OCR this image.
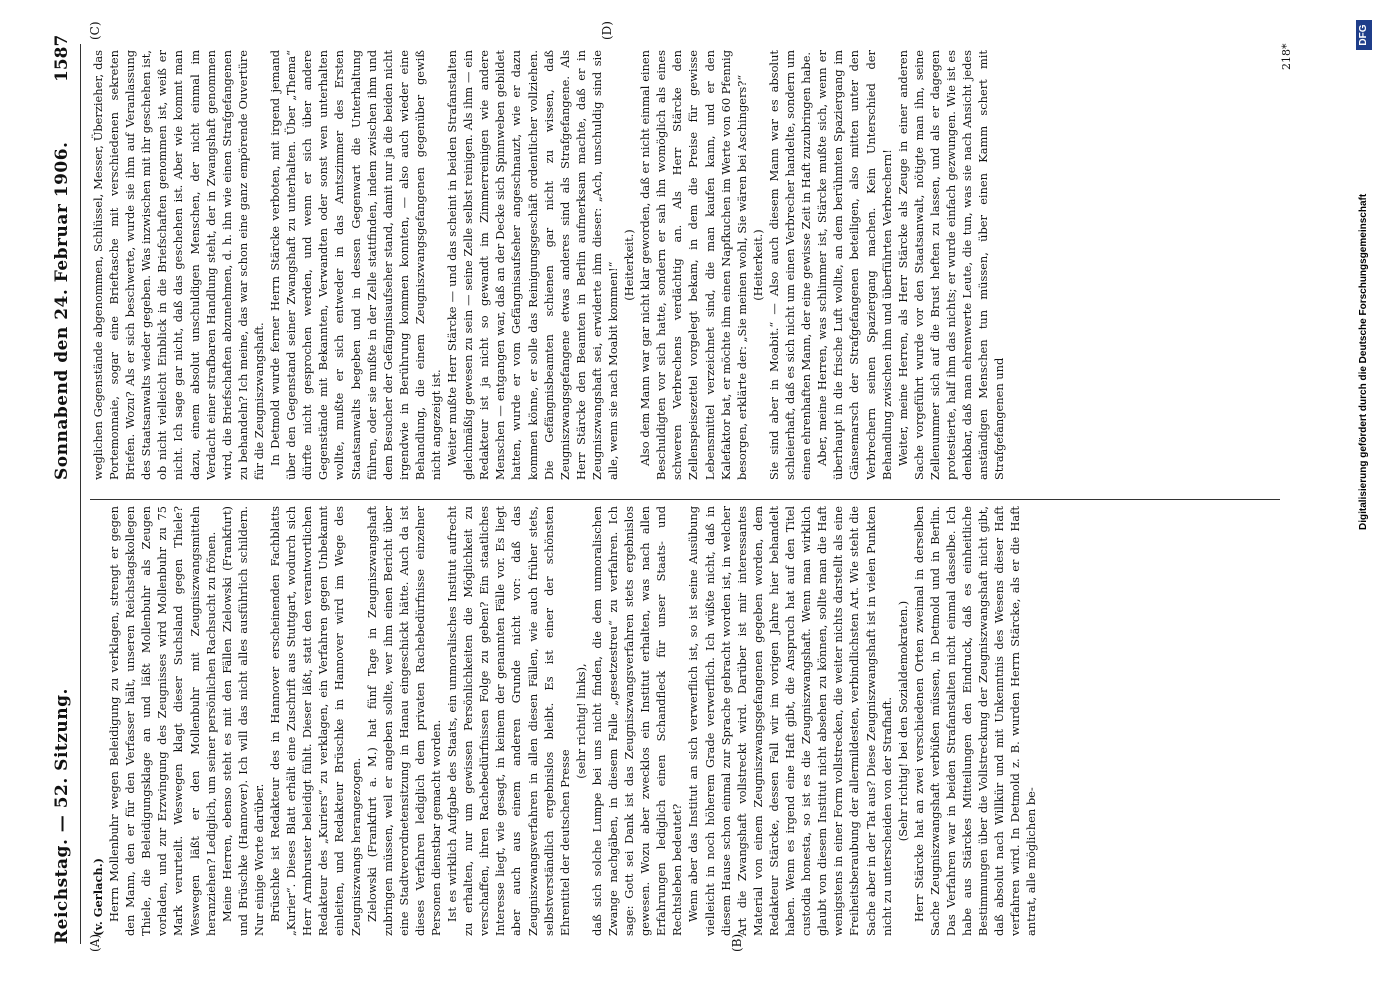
Reichstag. — 52. Sitzung.
Sonnabend den 24. Februar 1906.
1587
(A)	(B)
(C)	(D)

(v. Gerlach.) Herrn Mollenbuhr wegen Beleidigung zu verklagen, strengt er gegen den Mann, den er für den Verfasser hält, unseren Reichstagskollegen Thiele, die Beleidigungsklage an und läßt Mollenbuhr als Zeugen vorladen, und zur Erzwingung des Zeugnisses wird Mollenbuhr zu 75 Mark verurteilt. Weswegen klagt dieser Suchsland gegen Thiele? Weswegen läßt er den Mollenbuhr mit Zeugniszwangsmitteln heranziehen? Lediglich, um seiner persönlichen Rachsucht zu frönen. Meine Herren, ebenso steht es mit den Fällen Zielowski (Frankfurt) und Brüschke (Hannover). Ich will das nicht alles ausführlich schildern. Nur einige Worte darüber. Brüschke ist Redakteur des in Hannover erscheinenden Fachblatts „Kurier“. Dieses Blatt erhält eine Zuschrift aus Stuttgart, wodurch sich Herr Armbruster beleidigt fühlt. Dieser läßt, statt den verantwortlichen Redakteur des „Kuriers“ zu verklagen, ein Verfahren gegen Unbekannt einleiten, und Redakteur Brüschke in Hannover wird im Wege des Zeugniszwangs herangezogen. Zielowski (Frankfurt a. M.) hat fünf Tage in Zeugniszwangshaft zubringen müssen, weil er angeben sollte, wer ihm einen Bericht über eine Stadtverordnetensitzung in Hanau eingeschickt hätte. Auch da ist dieses Verfahren lediglich dem privaten Rachebedürfnisse einzelner Personen dienstbar gemacht worden. Ist es wirklich Aufgabe des Staats, ein unmoralisches Institut aufrecht zu erhalten, nur um gewissen Persönlichkeiten die Möglichkeit zu verschaffen, ihren Rachebedürfnissen Folge zu geben? Ein staatliches Interesse liegt, wie gesagt, in keinem der genannten Fälle vor. Es liegt aber auch aus einem anderen Grunde nicht vor: daß das Zeugniszwangsverfahren in allen diesen Fällen, wie auch früher stets, selbstverständlich ergebnislos bleibt. Es ist einer der schönsten Ehrentitel der deutschen Presse

(sehr richtig! links), daß sich solche Lumpe bei uns nicht finden, die dem unmoralischen Zwange nachgäben, in diesem Falle „gesetzestreu“ zu verfahren. Ich sage: Gott sei Dank ist das Zeugniszwangsverfahren stets ergebnislos gewesen. Wozu aber zwecklos ein Institut erhalten, was nach allen Erfahrungen lediglich einen Schandfleck für unser Staats- und Rechtsleben bedeutet? Wenn aber das Institut an sich verwerflich ist, so ist seine Ausübung vielleicht in noch höherem Grade verwerflich. Ich wüßte nicht, daß in diesem Hause schon einmal zur Sprache gebracht worden ist, in welcher Art die Zwangshaft vollstreckt wird. Darüber ist mir interessantes Material von einem Zeugniszwangsgefangenen gegeben worden, dem Redakteur Stärcke, dessen Fall wir im vorigen Jahre hier behandelt haben. Wenn es irgend eine Haft gibt, die Anspruch hat auf den Titel custodia honesta, so ist es die Zeugniszwangshaft. Wenn man wirklich glaubt von diesem Institut nicht absehen zu können, sollte man die Haft wenigstens in einer Form vollstrecken, die weiter nichts darstellt als eine Freiheitsberaubung der allermildesten, verbindlichsten Art. Wie steht die Sache aber in der Tat aus? Diese Zeugniszwangshaft ist in vielen Punkten nicht zu unterscheiden von der Strafhaft. (Sehr richtig! bei den Sozialdemokraten.) Herr Stärcke hat an zwei verschiedenen Orten zweimal in derselben Sache Zeugniszwangshaft verbüßen müssen, in Detmold und in Berlin. Das Verfahren war in beiden Strafanstalten nicht einmal dasselbe. Ich habe aus Stärckes Mitteilungen den Eindruck, daß es einheitliche Bestimmungen über die Vollstreckung der Zeugniszwangshaft nicht gibt, daß absolut nach Willkür und mit Unkenntnis des Wesens dieser Haft verfahren wird. In Detmold z. B. wurden Herrn Stärcke, als er die Haft antrat, alle möglichen be-

weglichen Gegenstände abgenommen, Schlüssel, Messer, Überzieher, das Portemonnaie, sogar eine Brieftasche mit verschiedenen sekreten Briefen. Wozu? Als er sich beschwerte, wurde sie ihm auf Veranlassung des Staatsanwalts wieder gegeben. Was inzwischen mit ihr geschehen ist, ob nicht vielleicht Einblick in die Briefschaften genommen ist, weiß er nicht. Ich sage gar nicht, daß das geschehen ist. Aber wie kommt man dazu, einem absolut unschuldigen Menschen, der nicht einmal im Verdacht einer strafbaren Handlung steht, der in Zwangshaft genommen wird, die Briefschaften abzunehmen, d. h. ihn wie einen Strafgefangenen zu behandeln? Ich meine, das war schon eine ganz empörende Ouvertüre für die Zeugniszwangshaft. In Detmold wurde ferner Herrn Stärcke verboten, mit irgend jemand über den Gegenstand seiner Zwangshaft zu unterhalten. Über „Thema“ dürfte nicht gesprochen werden, und wenn er sich über andere Gegenstände mit Bekannten, Verwandten oder sonst wen unterhalten wollte, mußte er sich entweder in das Amtszimmer des Ersten Staatsanwalts begeben und in dessen Gegenwart die Unterhaltung führen, oder sie mußte in der Zelle stattfinden, indem zwischen ihm und dem Besucher der Gefängnisaufseher stand, damit nur ja die beiden nicht irgendwie in Berührung kommen konnten, — also auch wieder eine Behandlung, die einem Zeugniszwangsgefangenen gegenüber gewiß nicht angezeigt ist. Weiter mußte Herr Stärcke — und das scheint in beiden Strafanstalten gleichmäßig gewesen zu sein — seine Zelle selbst reinigen. Als ihm — ein Redakteur ist ja nicht so gewandt im Zimmerreinigen wie andere Menschen — entgangen war, daß an der Decke sich Spinnweben gebildet hatten, wurde er vom Gefängnisaufseher angeschnauzt, wie er dazu kommen könne, er solle das Reinigungsgeschäft ordentlicher vollziehen. Die Gefängnisbeamten schienen gar nicht zu wissen, daß Zeugniszwangsgefangene etwas anderes sind als Strafgefangene. Als Herr Stärcke den Beamten in Berlin aufmerksam machte, daß er in Zeugniszwangshaft sei, erwiderte ihm dieser: „Ach, unschuldig sind sie alle, wenn sie nach Moabit kommen!“ (Heiterkeit.) Also dem Mann war gar nicht klar geworden, daß er nicht einmal einen Beschuldigten vor sich hatte, sondern er sah ihn womöglich als eines schweren Verbrechens verdächtig an. Als Herr Stärcke den Zellenspeisezettel vorgelegt bekam, in dem die Preise für gewisse Lebensmittel verzeichnet sind, die man kaufen kann, und er den Kalefaktor bat, er möchte ihm einen Napfkuchen im Werte von 60 Pfennig besorgen, erklärte der: „Sie meinen wohl, Sie wären bei Aschingers?“ (Heiterkeit.) Sie sind aber in Moabit.“ — Also auch diesem Mann war es absolut schleierhaft, daß es sich nicht um einen Verbrecher handelte, sondern um einen ehrenhaften Mann, der eine gewisse Zeit in Haft zuzubringen habe. Aber, meine Herren, was schlimmer ist, Stärcke mußte sich, wenn er überhaupt in die frische Luft wollte, an dem berühmten Spaziergang im Gänsemarsch der Strafgefangenen beteiligen, also mitten unter den Verbrechern seinen Spaziergang machen. Kein Unterschied der Behandlung zwischen ihm und überführten Verbrechern! Weiter, meine Herren, als Herr Stärcke als Zeuge in einer anderen Sache vorgeführt wurde vor den Staatsanwalt, nötigte man ihn, seine Zellenummer sich auf die Brust heften zu lassen, und als er dagegen protestierte, half ihm das nichts; er wurde einfach gezwungen. Wie ist es denkbar, daß man ehrenwerte Leute, die tun, was sie nach Ansicht jedes anständigen Menschen tun müssen, über einen Kamm schert mit Strafgefangenen und

218*
Digitalisierung gefördert durch die Deutsche Forschungsgemeinschaft
DFG
